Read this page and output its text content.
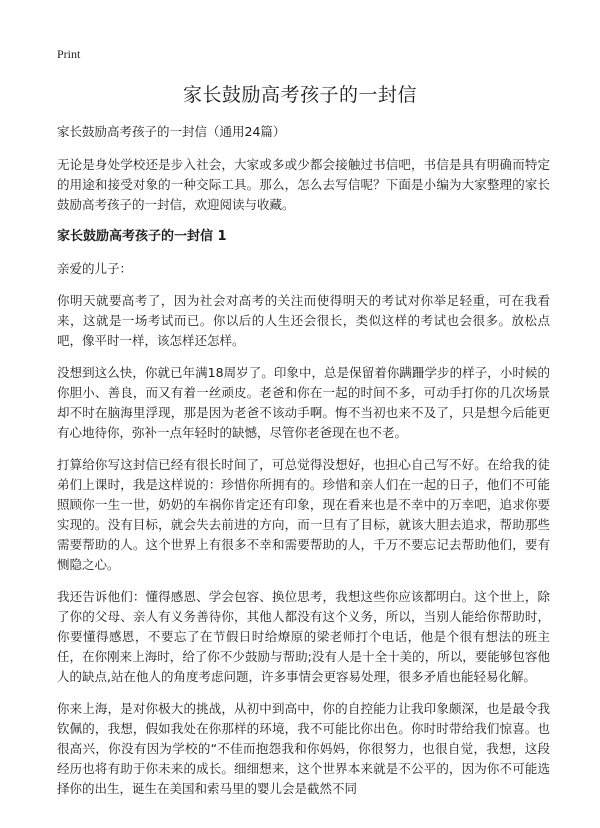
Print
家长鼓励高考孩子的一封信

家长鼓励高考孩子的一封信（通用24篇）

无论是身处学校还是步入社会，大家或多或少都会接触过书信吧，书信是具有明确而特定的用途和接受对象的一种交际工具。那么，怎么去写信呢？下面是小编为大家整理的家长鼓励高考孩子的一封信，欢迎阅读与收藏。

家长鼓励高考孩子的一封信 1

亲爱的儿子：

你明天就要高考了，因为社会对高考的关注而使得明天的考试对你举足轻重，可在我看来，这就是一场考试而已。你以后的人生还会很长，类似这样的考试也会很多。放松点吧，像平时一样，该怎样还怎样。

没想到这么快，你就已年满18周岁了。印象中，总是保留着你蹒跚学步的样子，小时候的你胆小、善良，而又有着一丝顽皮。老爸和你在一起的时间不多，可动手打你的几次场景却不时在脑海里浮现，那是因为老爸不该动手啊。悔不当初也来不及了，只是想今后能更有心地待你，弥补一点年轻时的缺憾，尽管你老爸现在也不老。

打算给你写这封信已经有很长时间了，可总觉得没想好，也担心自己写不好。在给我的徒弟们上课时，我是这样说的：珍惜你所拥有的。珍惜和亲人们在一起的日子，他们不可能照顾你一生一世，奶奶的车祸你肯定还有印象，现在看来也是不幸中的万幸吧，追求你要实现的。没有目标，就会失去前进的方向，而一旦有了目标，就该大胆去追求，帮助那些需要帮助的人。这个世界上有很多不幸和需要帮助的人，千万不要忘记去帮助他们，要有恻隐之心。

我还告诉他们：懂得感恩、学会包容、换位思考，我想这些你应该都明白。这个世上，除了你的父母、亲人有义务善待你，其他人都没有这个义务，所以，当别人能给你帮助时，你要懂得感恩，不要忘了在节假日时给燎原的梁老师打个电话，他是个很有想法的班主任，在你刚来上海时，给了你不少鼓励与帮助;没有人是十全十美的，所以，要能够包容他人的缺点,站在他人的角度考虑问题，许多事情会更容易处理，很多矛盾也能轻易化解。

你来上海，是对你极大的挑战，从初中到高中，你的自控能力让我印象颇深，也是最令我钦佩的，我想，假如我处在你那样的环境，我不可能比你出色。你时时带给我们惊喜。也很高兴，你没有因为学校的“不佳而抱怨我和你妈妈，你很努力，也很自觉，我想，这段经历也将有助于你未来的成长。细细想来，这个世界本来就是不公平的，因为你不可能选择你的出生，诞生在美国和索马里的婴儿会是截然不同
